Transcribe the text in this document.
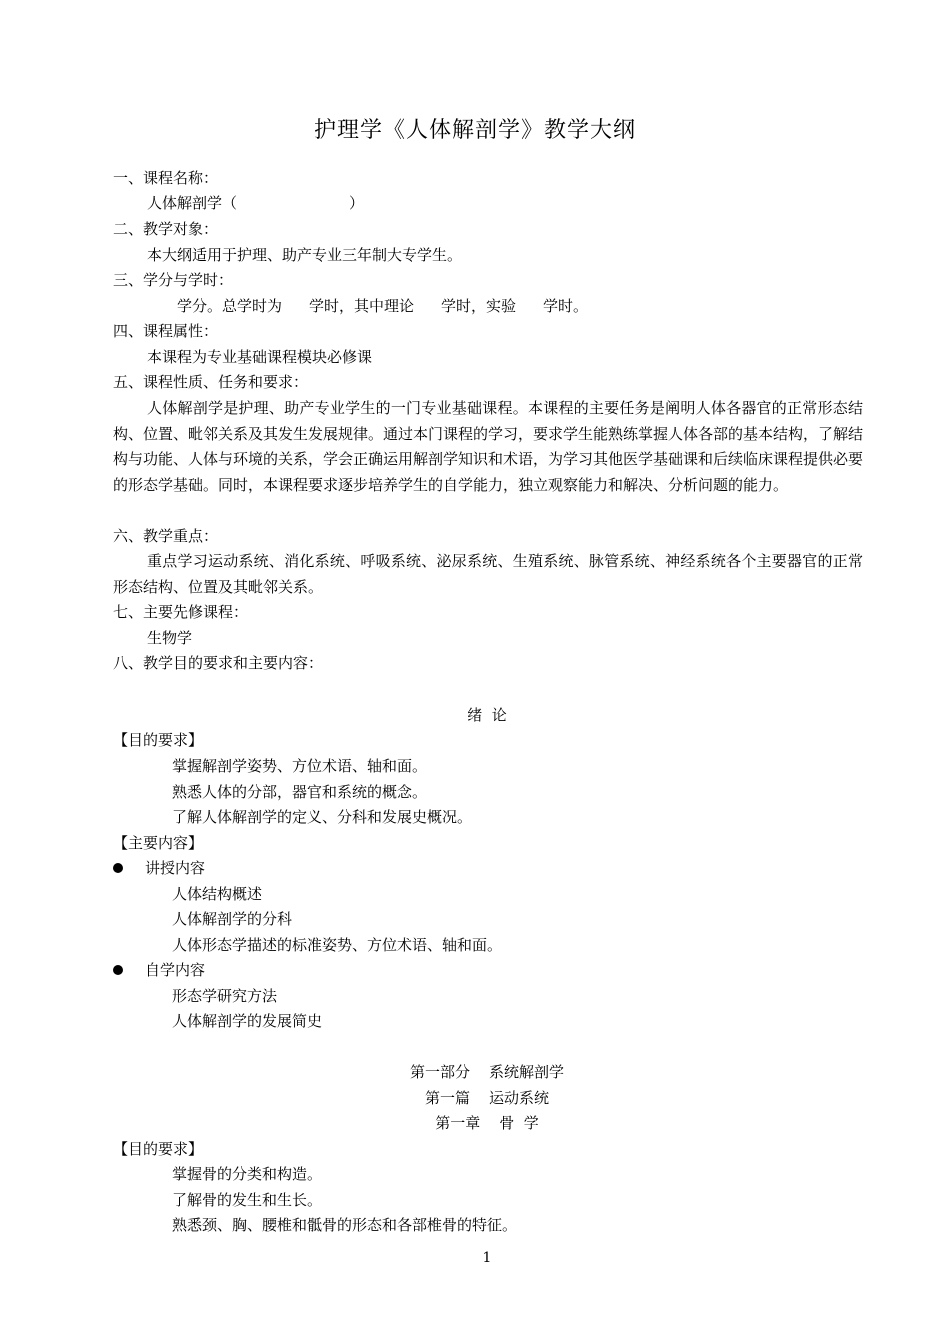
护理学《人体解剖学》教学大纲
一、课程名称：
人体解剖学（	）
二、教学对象：
本大纲适用于护理、助产专业三年制大专学生。
三、学分与学时：
学分。总学时为 学时，其中理论 学时，实验 学时。
四、课程属性：
本课程为专业基础课程模块必修课
五、课程性质、任务和要求：
人体解剖学是护理、助产专业学生的一门专业基础课程。本课程的主要任务是阐明人体各器官的正常形态结构、位置、毗邻关系及其发生发展规律。通过本门课程的学习，要求学生能熟练掌握人体各部的基本结构，了解结构与功能、人体与环境的关系，学会正确运用解剖学知识和术语，为学习其他医学基础课和后续临床课程提供必要的形态学基础。同时，本课程要求逐步培养学生的自学能力，独立观察能力和解决、分析问题的能力。
六、教学重点：
重点学习运动系统、消化系统、呼吸系统、泌尿系统、生殖系统、脉管系统、神经系统各个主要器官的正常形态结构、位置及其毗邻关系。
七、主要先修课程：
生物学
八、教学目的要求和主要内容：
绪  论
【目的要求】
掌握解剖学姿势、方位术语、轴和面。
熟悉人体的分部，器官和系统的概念。
了解人体解剖学的定义、分科和发展史概况。
【主要内容】
讲授内容
人体结构概述
人体解剖学的分科
人体形态学描述的标准姿势、方位术语、轴和面。
自学内容
形态学研究方法
人体解剖学的发展简史
第一部分    系统解剖学
第一篇    运动系统
第一章    骨  学
【目的要求】
掌握骨的分类和构造。
了解骨的发生和生长。
熟悉颈、胸、腰椎和骶骨的形态和各部椎骨的特征。
1
